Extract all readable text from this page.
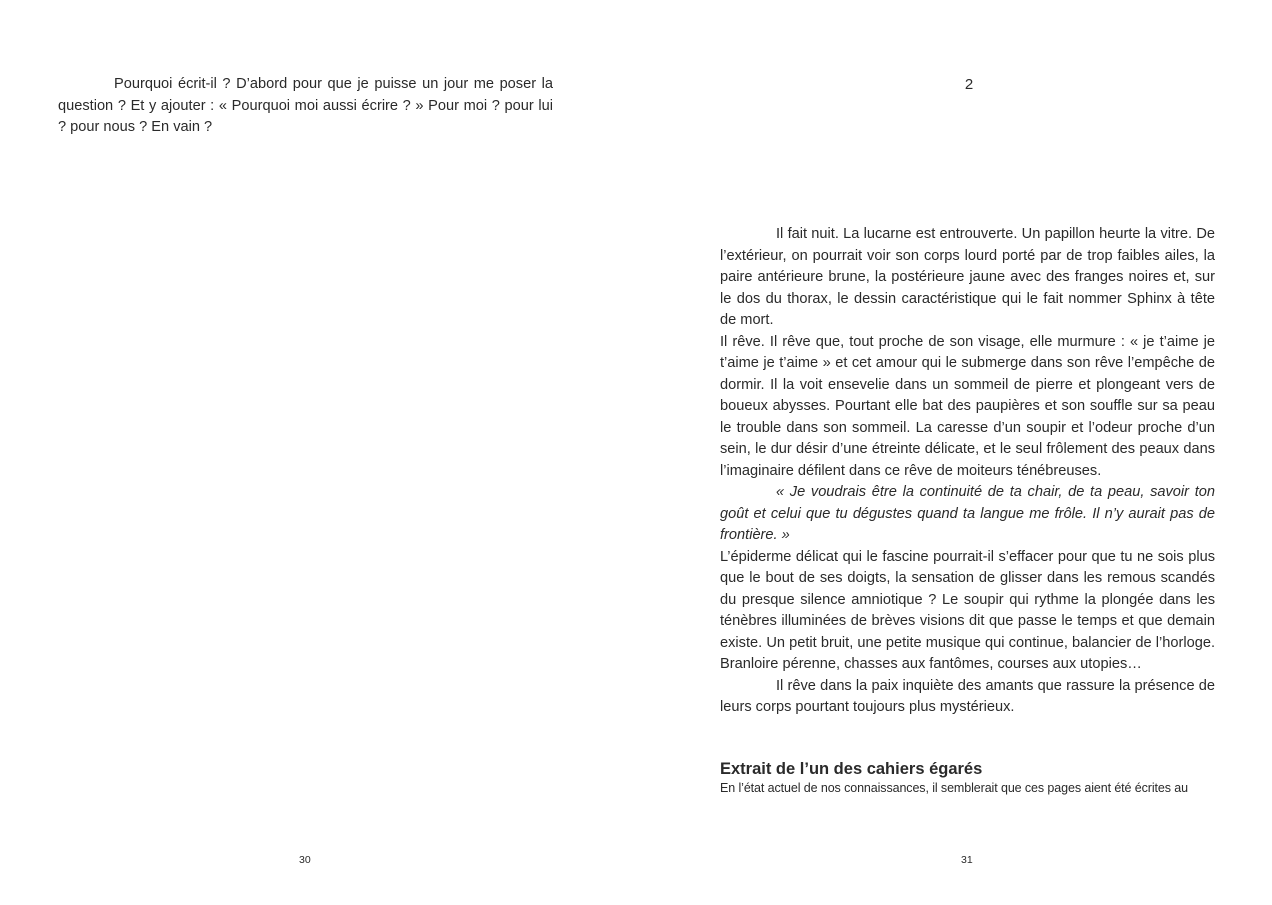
Pourquoi écrit-il ? D’abord pour que je puisse un jour me poser la question ? Et y ajouter : « Pourquoi moi aussi écrire ? » Pour moi ? pour lui ? pour nous ? En vain ?

30
2

Il fait nuit. La lucarne est entrouverte. Un papillon heurte la vitre. De l’extérieur, on pourrait voir son corps lourd porté par de trop faibles ailes, la paire antérieure brune, la postérieure jaune avec des franges noires et, sur le dos du thorax, le dessin caractéristique qui le fait nommer Sphinx à tête de mort.

Il rêve. Il rêve que, tout proche de son visage, elle murmure : « je t’aime je t’aime je t’aime » et cet amour qui le submerge dans son rêve l’empêche de dormir. Il la voit ensevelie dans un sommeil de pierre et plongeant vers de boueux abysses. Pourtant elle bat des paupières et son souffle sur sa peau le trouble dans son sommeil. La caresse d’un soupir et l’odeur proche d’un sein, le dur désir d’une étreinte délicate, et le seul frôlement des peaux dans l’imaginaire défilent dans ce rêve de moiteurs ténébreuses.

« Je voudrais être la continuité de ta chair, de ta peau, savoir ton goût et celui que tu dégustes quand ta langue me frôle. Il n’y aurait pas de frontière. »

L’épiderme délicat qui le fascine pourrait-il s’effacer pour que tu ne sois plus que le bout de ses doigts, la sensation de glisser dans les remous scandés du presque silence amniotique ? Le soupir qui rythme la plongée dans les ténèbres illuminées de brèves visions dit que passe le temps et que demain existe. Un petit bruit, une petite musique qui continue, balancier de l’horloge. Branloire pérenne, chasses aux fantômes, courses aux utopies…

Il rêve dans la paix inquiète des amants que rassure la présence de leurs corps pourtant toujours plus mystérieux.

Extrait de l’un des cahiers égarés

En l’état actuel de nos connaissances, il semblerait que ces pages aient été écrites au

31
